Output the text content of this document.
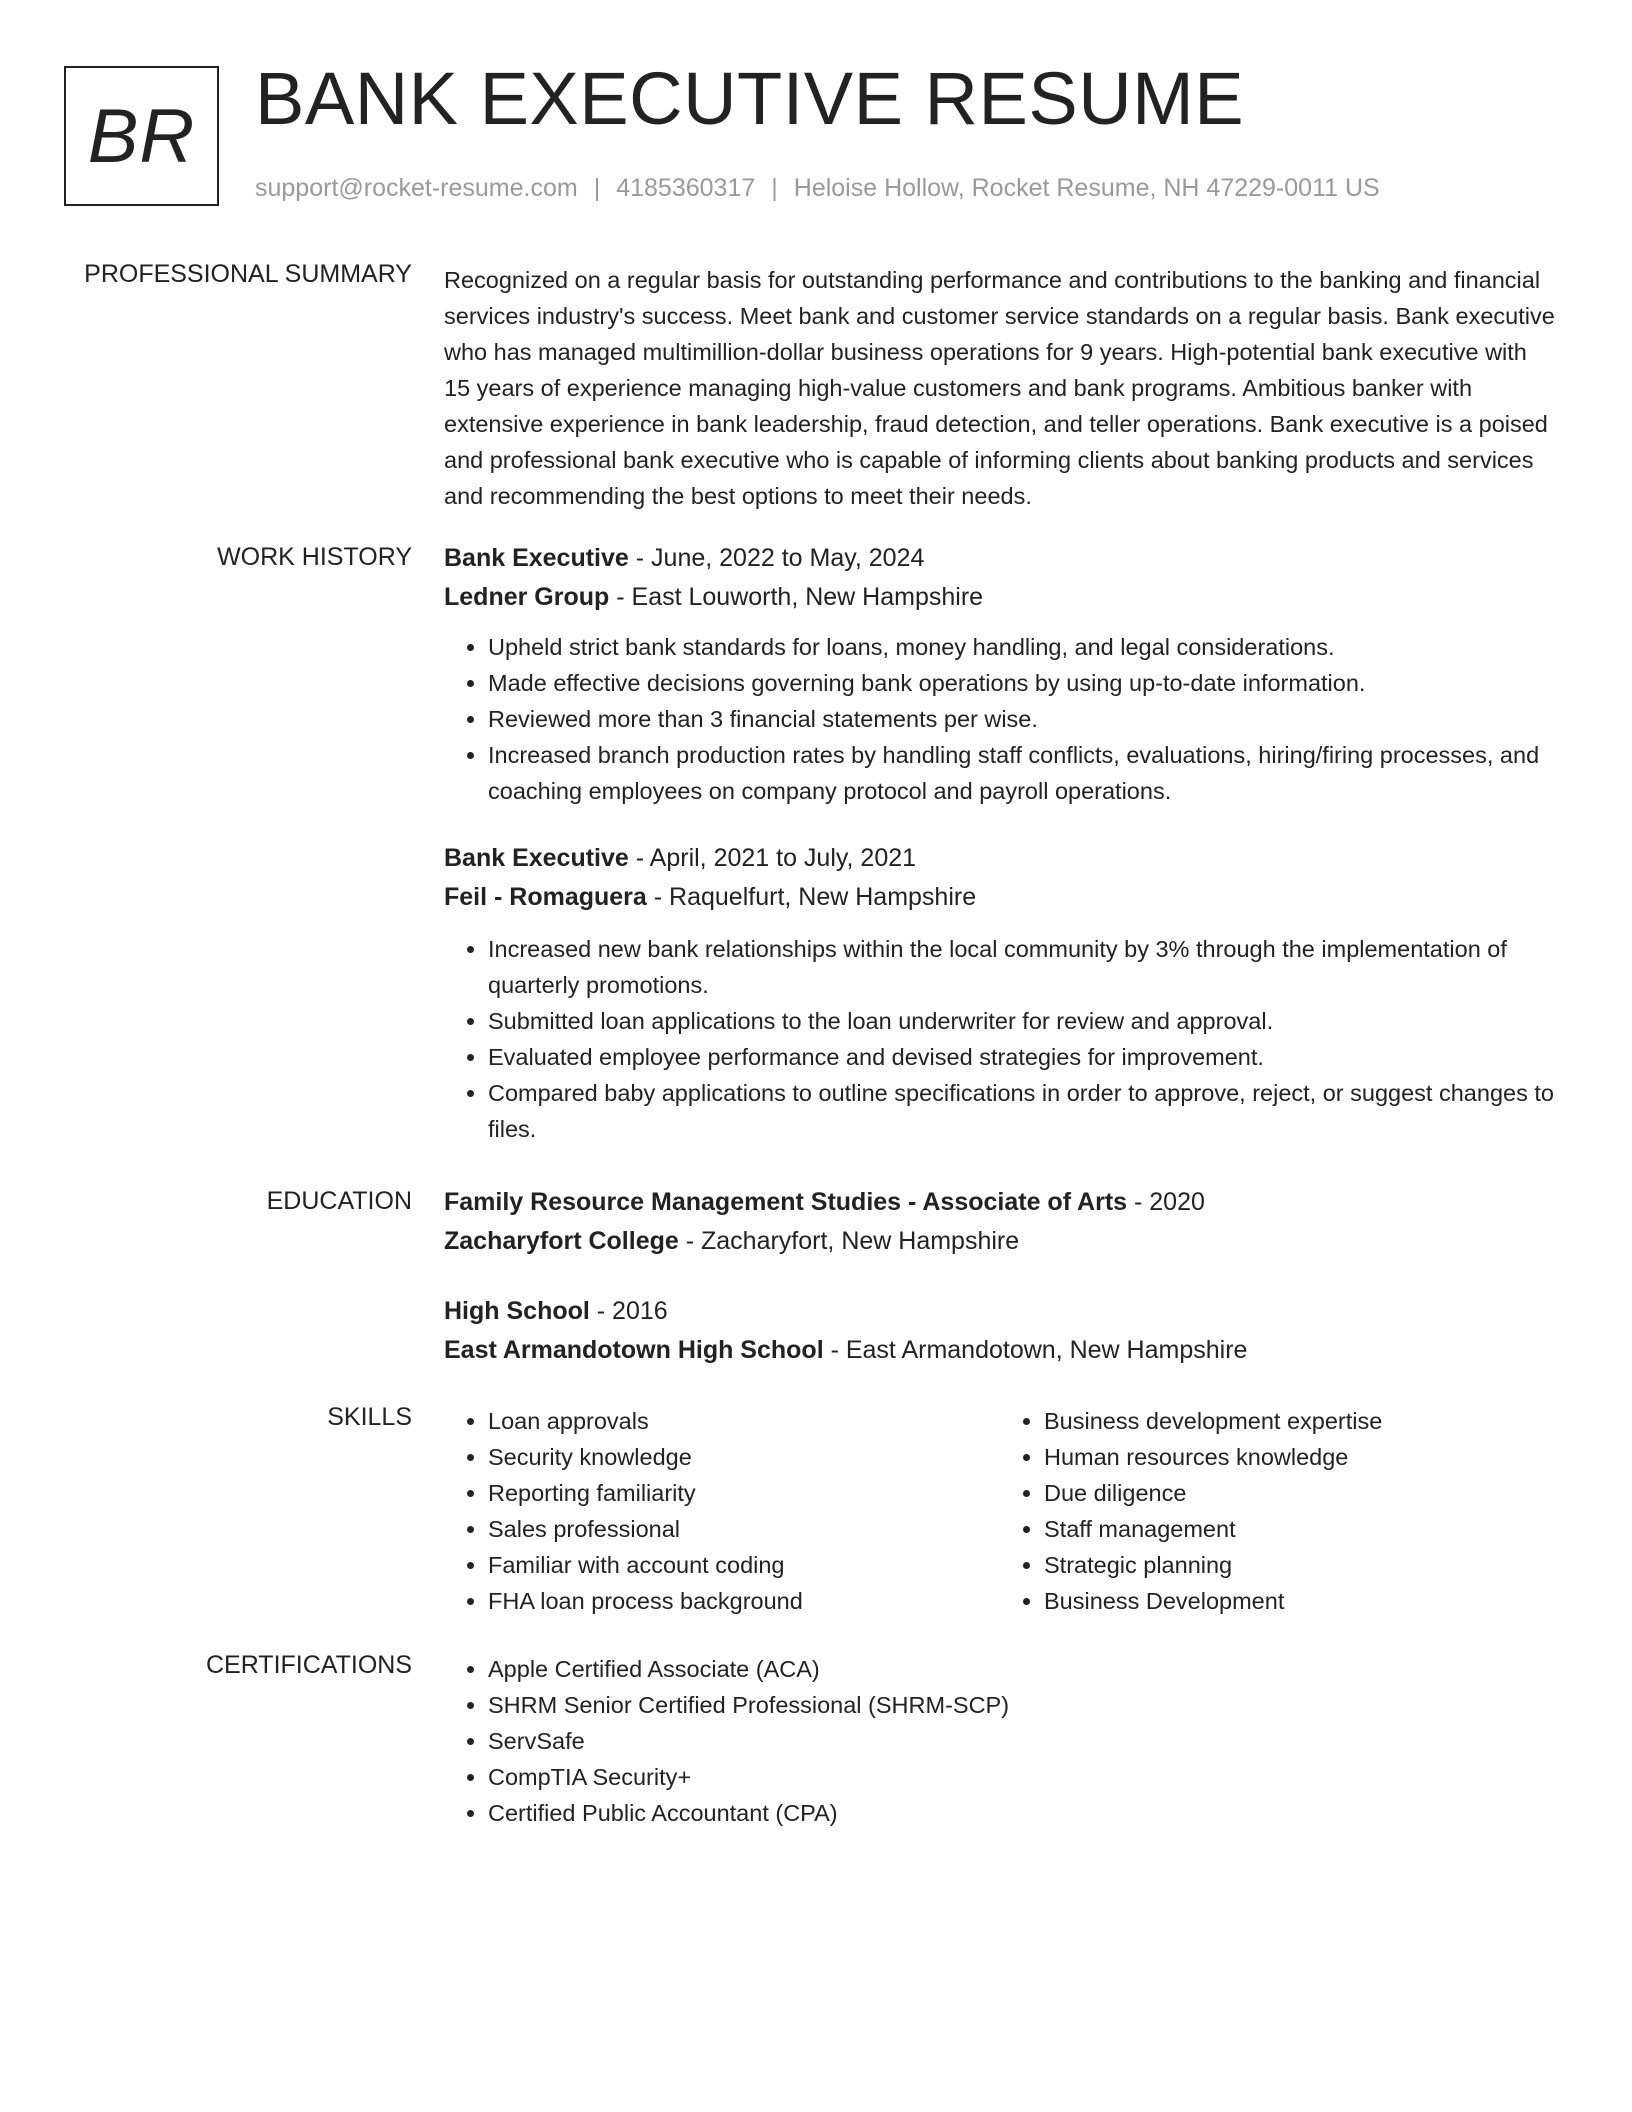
BR BANK EXECUTIVE RESUME
support@rocket-resume.com | 4185360317 | Heloise Hollow, Rocket Resume, NH 47229-0011 US
PROFESSIONAL SUMMARY Recognized on a regular basis for outstanding performance and contributions to the banking and financial services industry's success. Meet bank and customer service standards on a regular basis. Bank executive who has managed multimillion-dollar business operations for 9 years. High-potential bank executive with 15 years of experience managing high-value customers and bank programs. Ambitious banker with extensive experience in bank leadership, fraud detection, and teller operations. Bank executive is a poised and professional bank executive who is capable of informing clients about banking products and services and recommending the best options to meet their needs.

WORK HISTORY Bank Executive - June, 2022 to May, 2024
Ledner Group - East Louworth, New Hampshire
• Upheld strict bank standards for loans, money handling, and legal considerations.
• Made effective decisions governing bank operations by using up-to-date information.
• Reviewed more than 3 financial statements per wise.
• Increased branch production rates by handling staff conflicts, evaluations, hiring/firing processes, and coaching employees on company protocol and payroll operations.
Bank Executive - April, 2021 to July, 2021
Feil - Romaguera - Raquelfurt, New Hampshire
• Increased new bank relationships within the local community by 3% through the implementation of quarterly promotions.
• Submitted loan applications to the loan underwriter for review and approval.
• Evaluated employee performance and devised strategies for improvement.
• Compared baby applications to outline specifications in order to approve, reject, or suggest changes to files.
EDUCATION Family Resource Management Studies - Associate of Arts - 2020
Zacharyfort College - Zacharyfort, New Hampshire
High School - 2016
East Armandotown High School - East Armandotown, New Hampshire
SKILLS	• Loan approvals
• Security knowledge
• Reporting familiarity
• Sales professional
• Familiar with account coding
• FHA loan process background
• Business development expertise
• Human resources knowledge
• Due diligence
• Staff management
• Strategic planning
• Business Development
CERTIFICATIONS	• Apple Certified Associate (ACA)
• SHRM Senior Certified Professional (SHRM-SCP)
• ServSafe
• CompTIA Security+
• Certified Public Accountant (CPA)
